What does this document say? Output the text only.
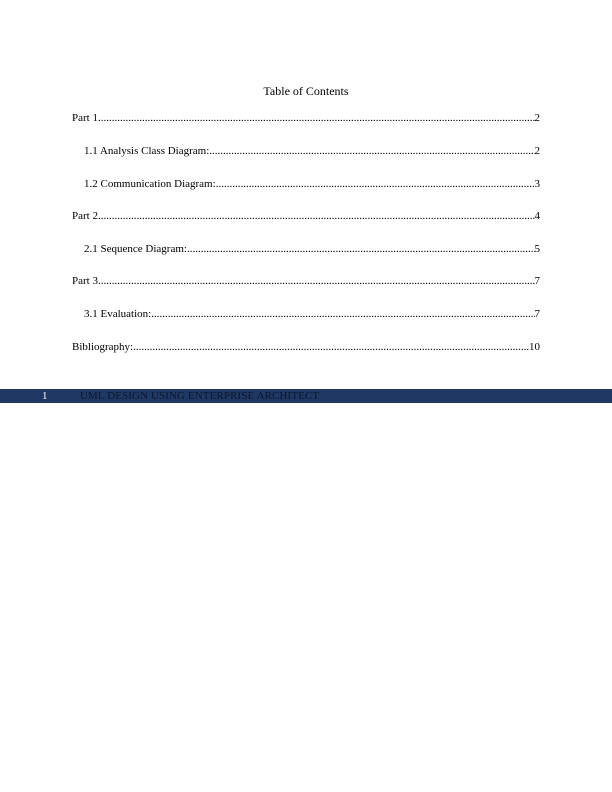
Table of Contents
Part 1 .....	2
1.1 Analysis Class Diagram: .....	2
1.2 Communication Diagram: .....	3
Part 2 .....	4
2.1 Sequence Diagram: .....	5
Part 3 .....	7
3.1 Evaluation: .....	7
Bibliography: .....	10
1	UML DESIGN USING ENTERPRISE ARCHITECT
